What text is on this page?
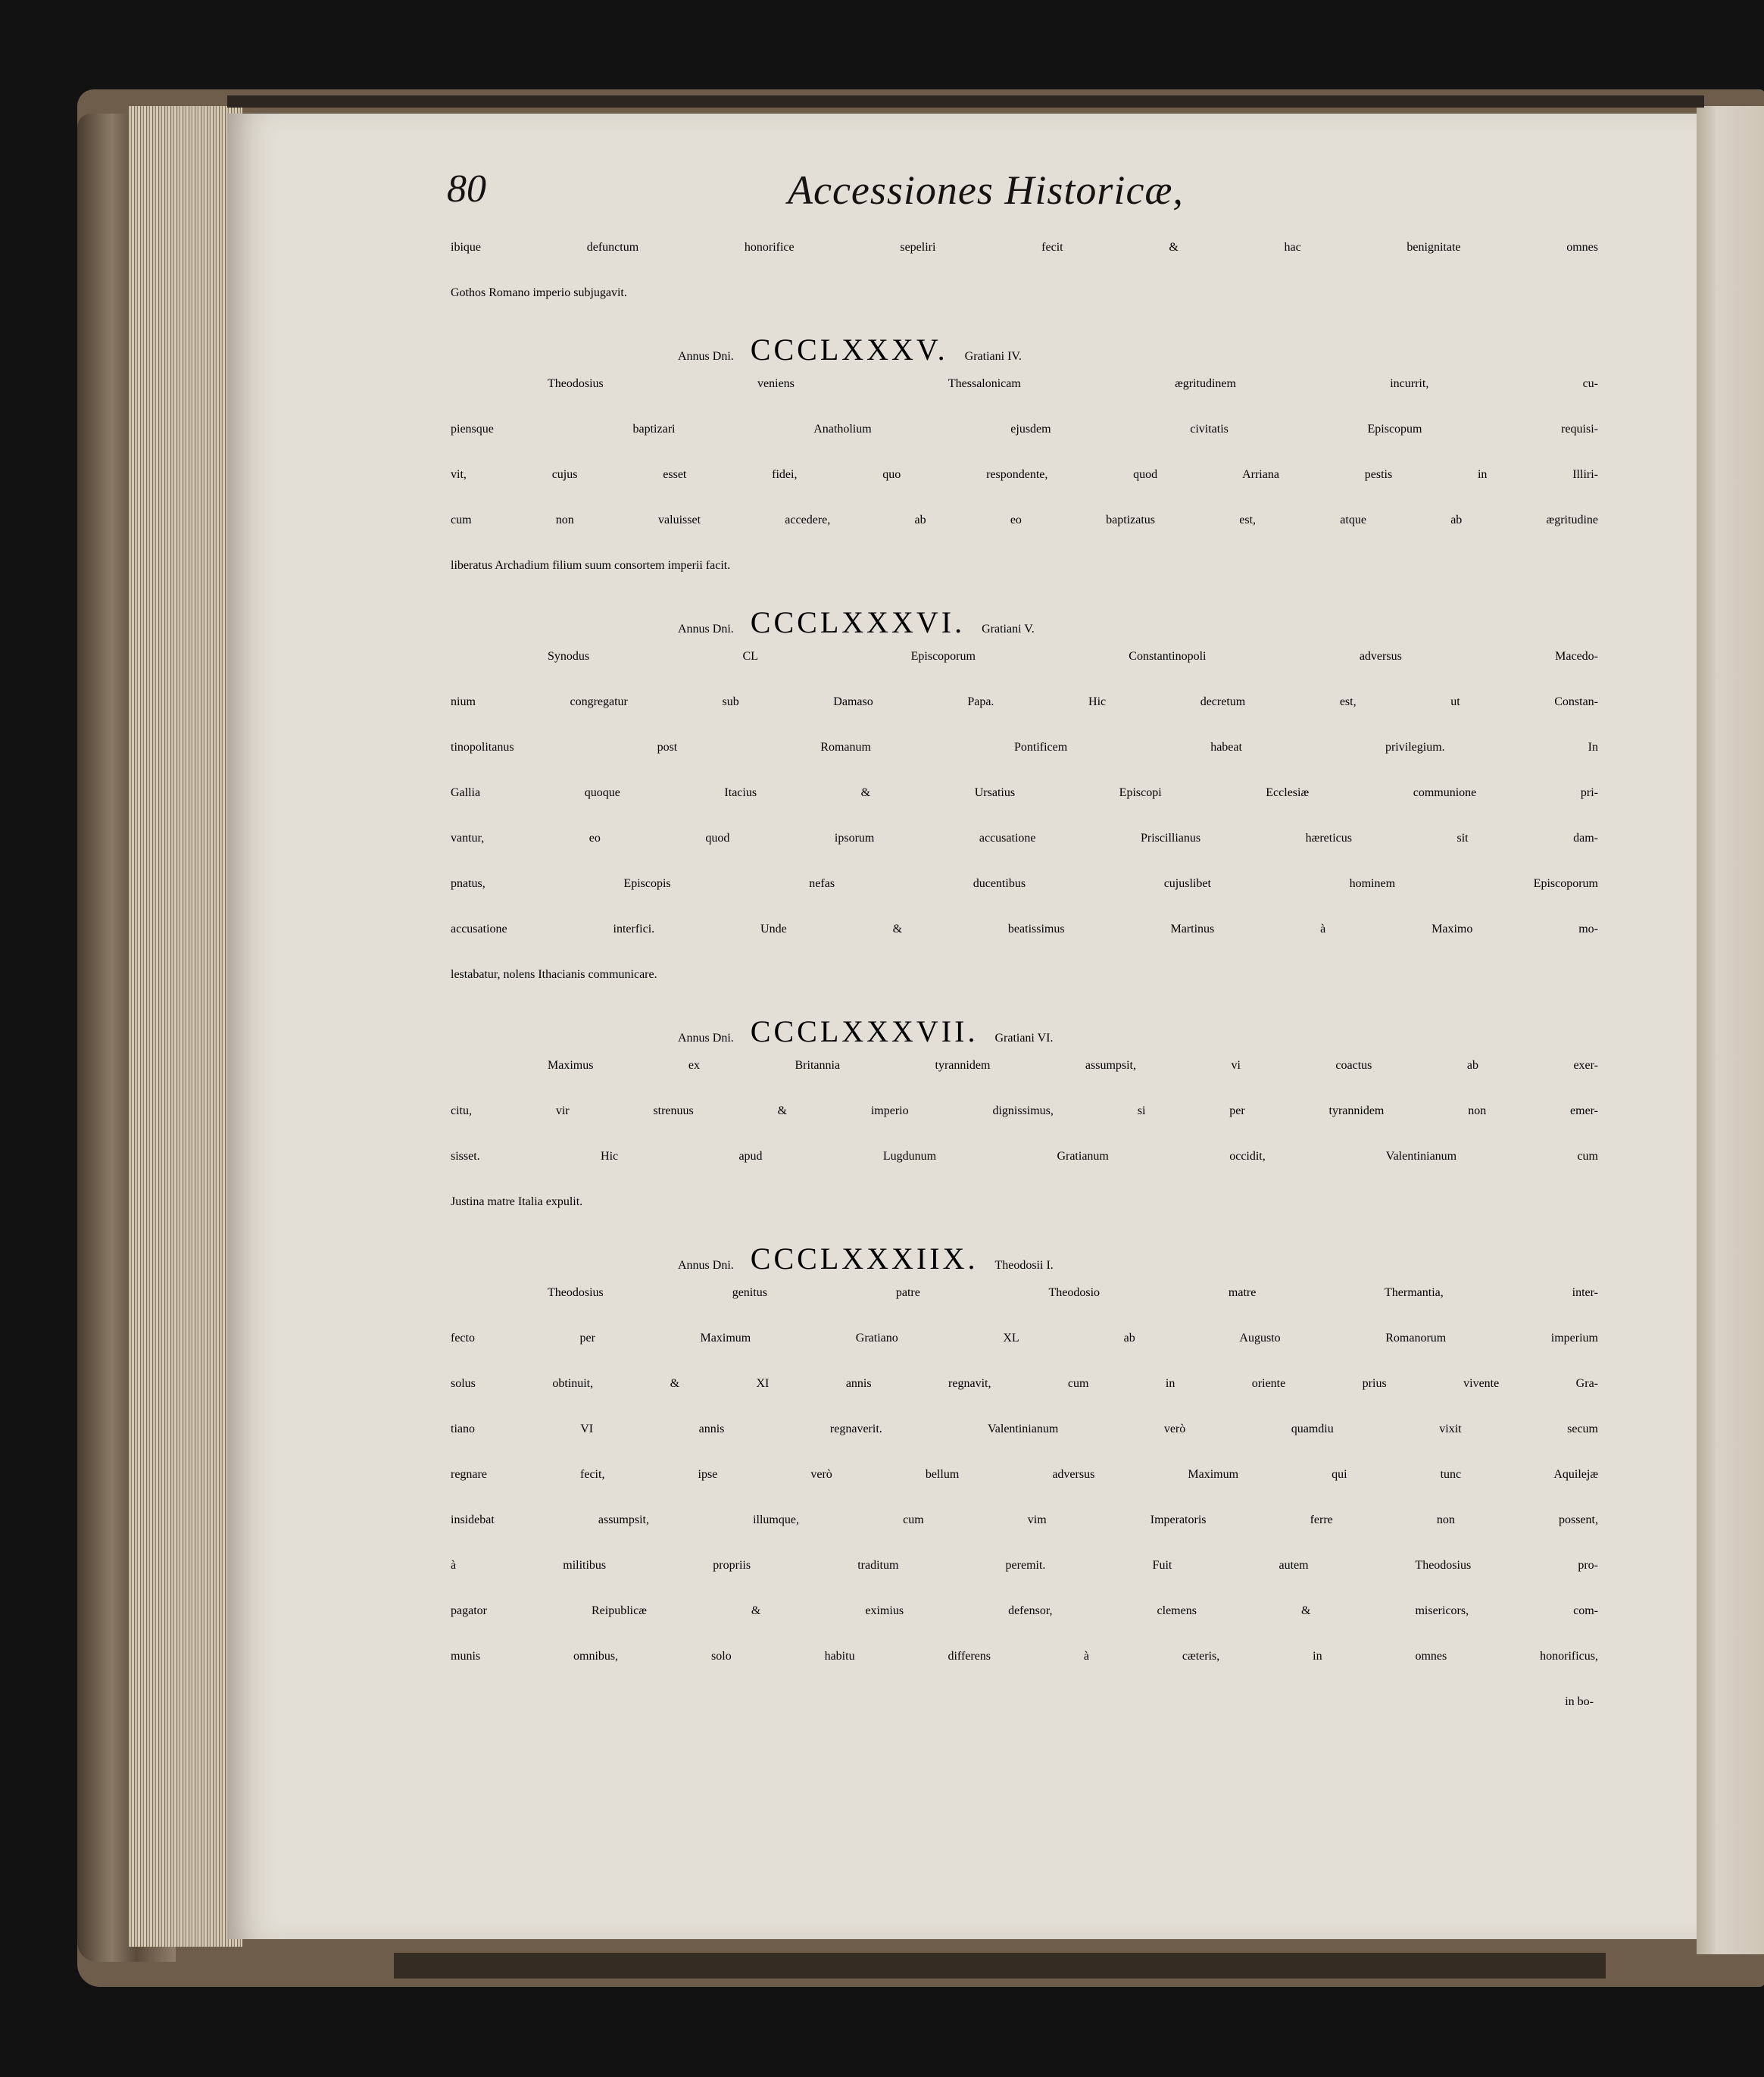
80	Accessiones Historicæ,
ibique defunctum honorifice sepeliri fecit & hac benignitate omnes
Gothos Romano imperio subjugavit.
Annus Dni. CCCLXXXV. Gratiani IV.
Theodosius veniens Thessalonicam ægritudinem incurrit, cu-
piensque baptizari Anatholium ejusdem civitatis Episcopum requisi-
vit, cujus esset fidei, quo respondente, quod Arriana pestis in Illiri-
cum non valuisset accedere, ab eo baptizatus est, atque ab ægritudine
liberatus Archadium filium suum consortem imperii facit.
Annus Dni. CCCLXXXVI. Gratiani V.
Synodus CL Episcoporum Constantinopoli adversus Macedo-
nium congregatur sub Damaso Papa. Hic decretum est, ut Constan-
tinopolitanus post Romanum Pontificem habeat privilegium. In
Gallia quoque Itacius & Ursatius Episcopi Ecclesiæ communione pri-
vantur, eo quod ipsorum accusatione Priscillianus hæreticus sit dam-
pnatus, Episcopis nefas ducentibus cujuslibet hominem Episcoporum
accusatione interfici. Unde & beatissimus Martinus à Maximo mo-
lestabatur, nolens Ithacianis communicare.
Annus Dni. CCCLXXXVII. Gratiani VI.
Maximus ex Britannia tyrannidem assumpsit, vi coactus ab exer-
citu, vir strenuus & imperio dignissimus, si per tyrannidem non emer-
sisset. Hic apud Lugdunum Gratianum occidit, Valentinianum cum
Justina matre Italia expulit.
Annus Dni. CCCLXXXIIX. Theodosii I.
Theodosius genitus patre Theodosio matre Thermantia, inter-
fecto per Maximum Gratiano XL ab Augusto Romanorum imperium
solus obtinuit, & XI annis regnavit, cum in oriente prius vivente Gra-
tiano VI annis regnaverit. Valentinianum verò quamdiu vixit secum
regnare fecit, ipse verò bellum adversus Maximum qui tunc Aquilejæ
insidebat assumpsit, illumque, cum vim Imperatoris ferre non possent,
à militibus propriis traditum peremit. Fuit autem Theodosius pro-
pagator Reipublicæ & eximius defensor, clemens & misericors, com-
munis omnibus, solo habitu differens à cæteris, in omnes honorificus,
in bo-
